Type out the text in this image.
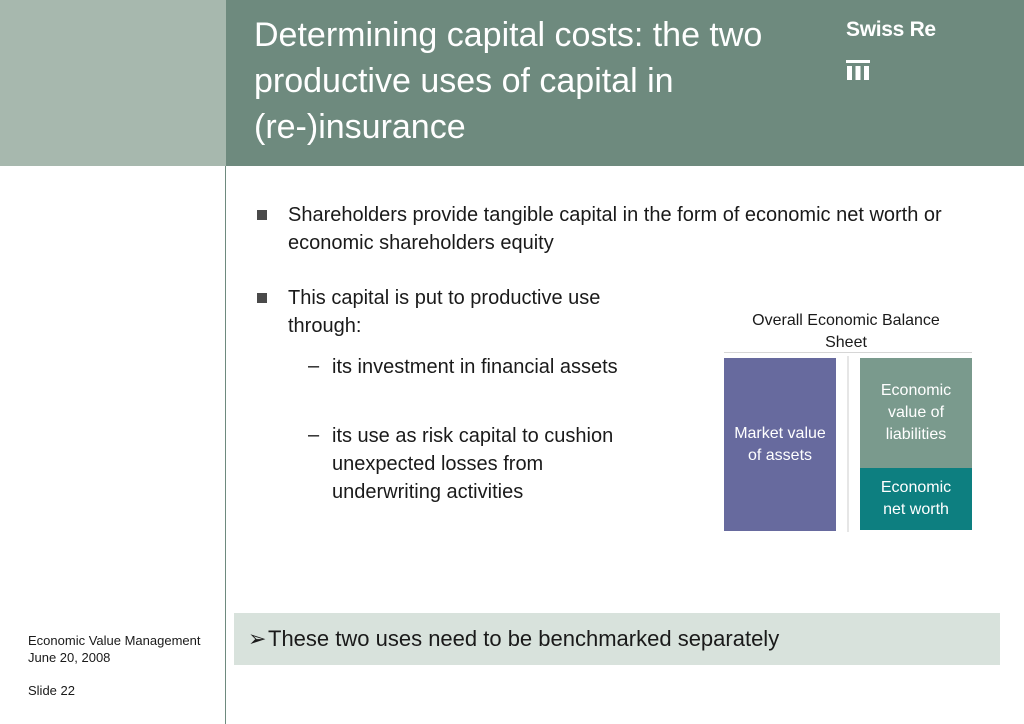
Determining capital costs: the two productive uses of capital in (re-)insurance
Swiss Re
Shareholders provide tangible capital in the form of economic net worth or economic shareholders equity
This capital is put to productive use through:
– its investment in financial assets
– its use as risk capital to cushion unexpected losses from underwriting activities
Overall Economic Balance Sheet
Market value of assets
Economic value of liabilities
Economic net worth
Economic Value Management
June 20, 2008
Slide 22
➢ These two uses need to be benchmarked separately
